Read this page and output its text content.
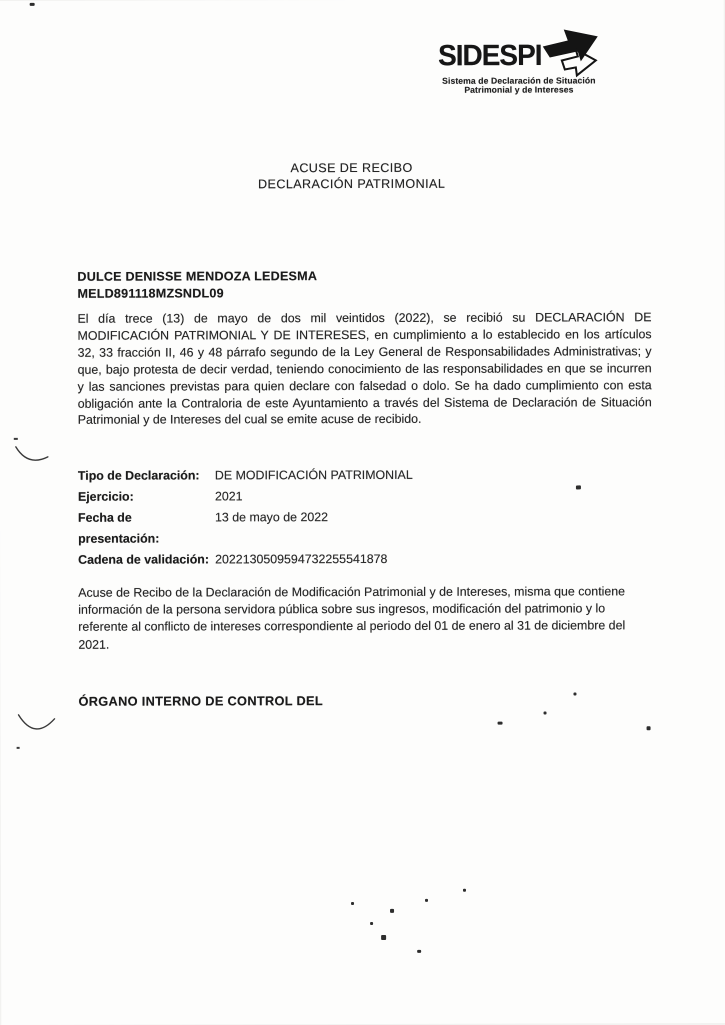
SIDESPI
Sistema de Declaración de Situación
Patrimonial y de Intereses
ACUSE DE RECIBO
DECLARACIÓN PATRIMONIAL
DULCE DENISSE MENDOZA LEDESMA
MELD891118MZSNDL09
El día trece (13) de mayo de dos mil veintidos (2022), se recibió su DECLARACIÓN DE MODIFICACIÓN PATRIMONIAL Y DE INTERESES, en cumplimiento a lo establecido en los artículos 32, 33 fracción II, 46 y 48 párrafo segundo de la Ley General de Responsabilidades Administrativas; y que, bajo protesta de decir verdad, teniendo conocimiento de las responsabilidades en que se incurren y las sanciones previstas para quien declare con falsedad o dolo. Se ha dado cumplimiento con esta obligación ante la Contraloria de este Ayuntamiento a través del Sistema de Declaración de Situación Patrimonial y de Intereses del cual se emite acuse de recibido.
Tipo de Declaración:	DE MODIFICACIÓN PATRIMONIAL
Ejercicio:	2021
Fecha de presentación:
13 de mayo de 2022
Cadena de validación: 2022130509594732255541878
Acuse de Recibo de la Declaración de Modificación Patrimonial y de Intereses, misma que contiene información de la persona servidora pública sobre sus ingresos, modificación del patrimonio y lo referente al conflicto de intereses correspondiente al periodo del 01 de enero al 31 de diciembre del 2021.
ÓRGANO INTERNO DE CONTROL DEL
